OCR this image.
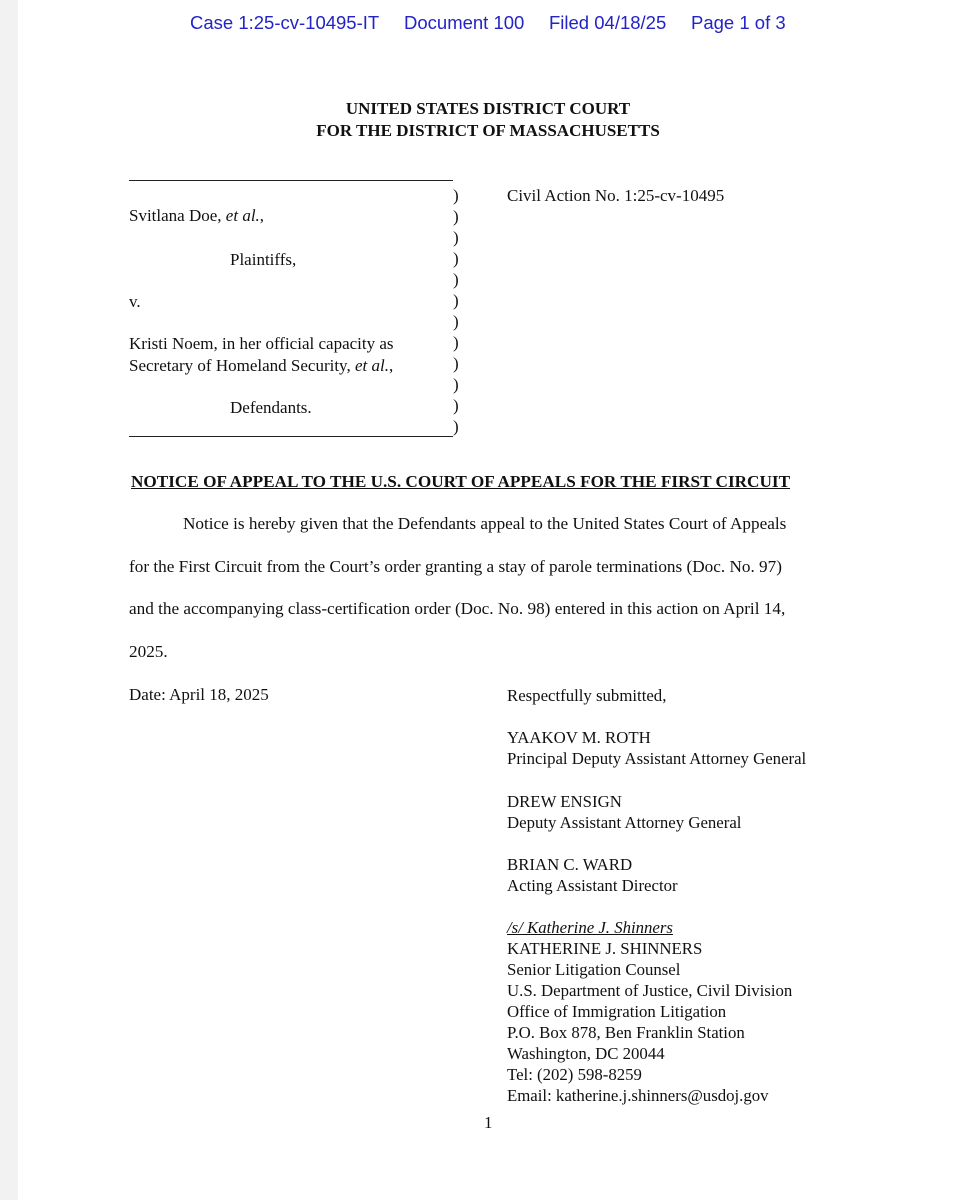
Case 1:25-cv-10495-IT Document 100 Filed 04/18/25 Page 1 of 3
UNITED STATES DISTRICT COURT
FOR THE DISTRICT OF MASSACHUSETTS
Svitlana Doe, et al.,
Plaintiffs,
v.
Kristi Noem, in her official capacity as
Secretary of Homeland Security, et al.,
Defendants.
)
)
)
)
)
)
)
)
)
)
)
)
Civil Action No. 1:25-cv-10495
NOTICE OF APPEAL TO THE U.S. COURT OF APPEALS FOR THE FIRST CIRCUIT
Notice is hereby given that the Defendants appeal to the United States Court of Appeals
for the First Circuit from the Court’s order granting a stay of parole terminations (Doc. No. 97)
and the accompanying class-certification order (Doc. No. 98) entered in this action on April 14,
2025.
Date: April 18, 2025	Respectfully submitted,
YAAKOV M. ROTH
Principal Deputy Assistant Attorney General
DREW ENSIGN
Deputy Assistant Attorney General
BRIAN C. WARD
Acting Assistant Director
/s/ Katherine J. Shinners
KATHERINE J. SHINNERS
Senior Litigation Counsel
U.S. Department of Justice, Civil Division
Office of Immigration Litigation
P.O. Box 878, Ben Franklin Station
Washington, DC 20044
Tel: (202) 598-8259
Email: katherine.j.shinners@usdoj.gov
1
